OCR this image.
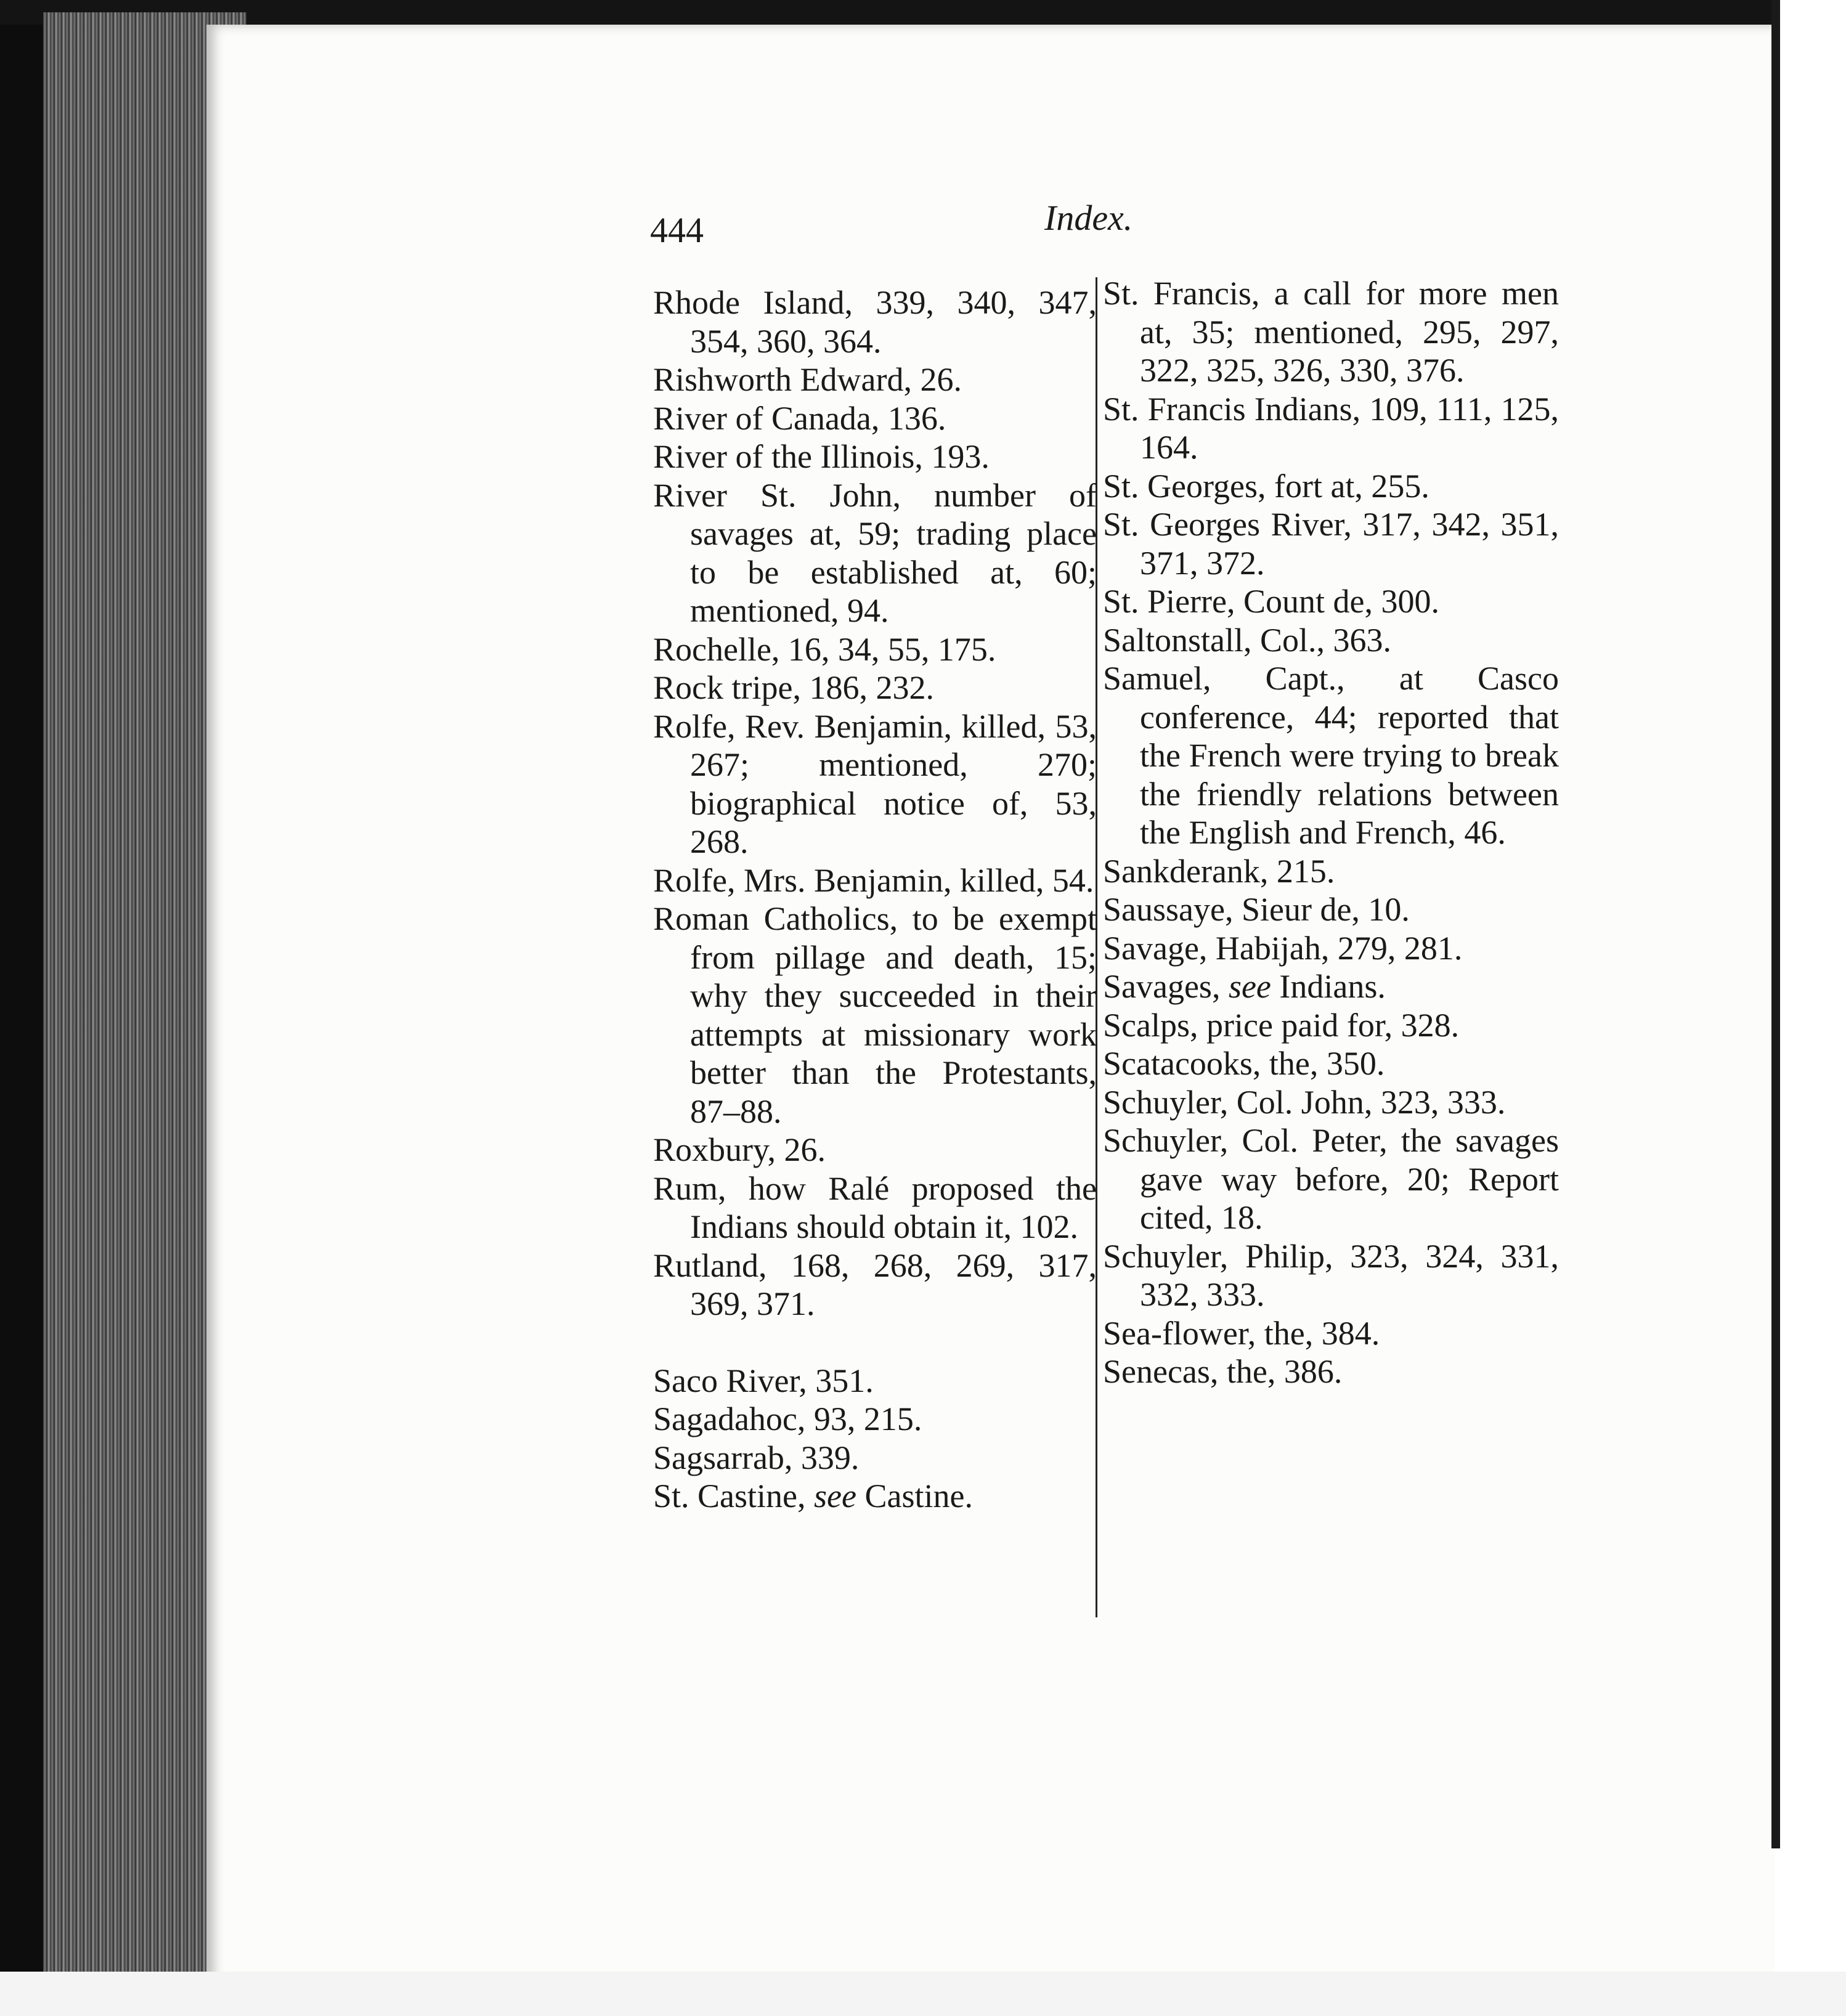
444	Index.

Rhode Island, 339, 340, 347, 354, 360, 364.

Rishworth Edward, 26.

River of Canada, 136.

River of the Illinois, 193.

River St. John, number of savages at, 59; trading place to be established at, 60; mentioned, 94.

Rochelle, 16, 34, 55, 175.

Rock tripe, 186, 232.

Rolfe, Rev. Benjamin, killed, 53, 267; mentioned, 270; biographical notice of, 53, 268.

Rolfe, Mrs. Benjamin, killed, 54.

Roman Catholics, to be exempt from pillage and death, 15; why they succeeded in their attempts at missionary work better than the Protestants, 87–88.

Roxbury, 26.

Rum, how Ralé proposed the Indians should obtain it, 102.

Rutland, 168, 268, 269, 317, 369, 371.

Saco River, 351.

Sagadahoc, 93, 215.

Sagsarrab, 339.

St. Castine, see Castine.

St. Francis, a call for more men at, 35; mentioned, 295, 297, 322, 325, 326, 330, 376.

St. Francis Indians, 109, 111, 125, 164.

St. Georges, fort at, 255.

St. Georges River, 317, 342, 351, 371, 372.

St. Pierre, Count de, 300.

Saltonstall, Col., 363.

Samuel, Capt., at Casco conference, 44; reported that the French were trying to break the friendly relations between the English and French, 46.

Sankderank, 215.

Saussaye, Sieur de, 10.

Savage, Habijah, 279, 281.

Savages, see Indians.

Scalps, price paid for, 328.

Scatacooks, the, 350.

Schuyler, Col. John, 323, 333.

Schuyler, Col. Peter, the savages gave way before, 20; Report cited, 18.

Schuyler, Philip, 323, 324, 331, 332, 333.

Sea-flower, the, 384.

Senecas, the, 386.
